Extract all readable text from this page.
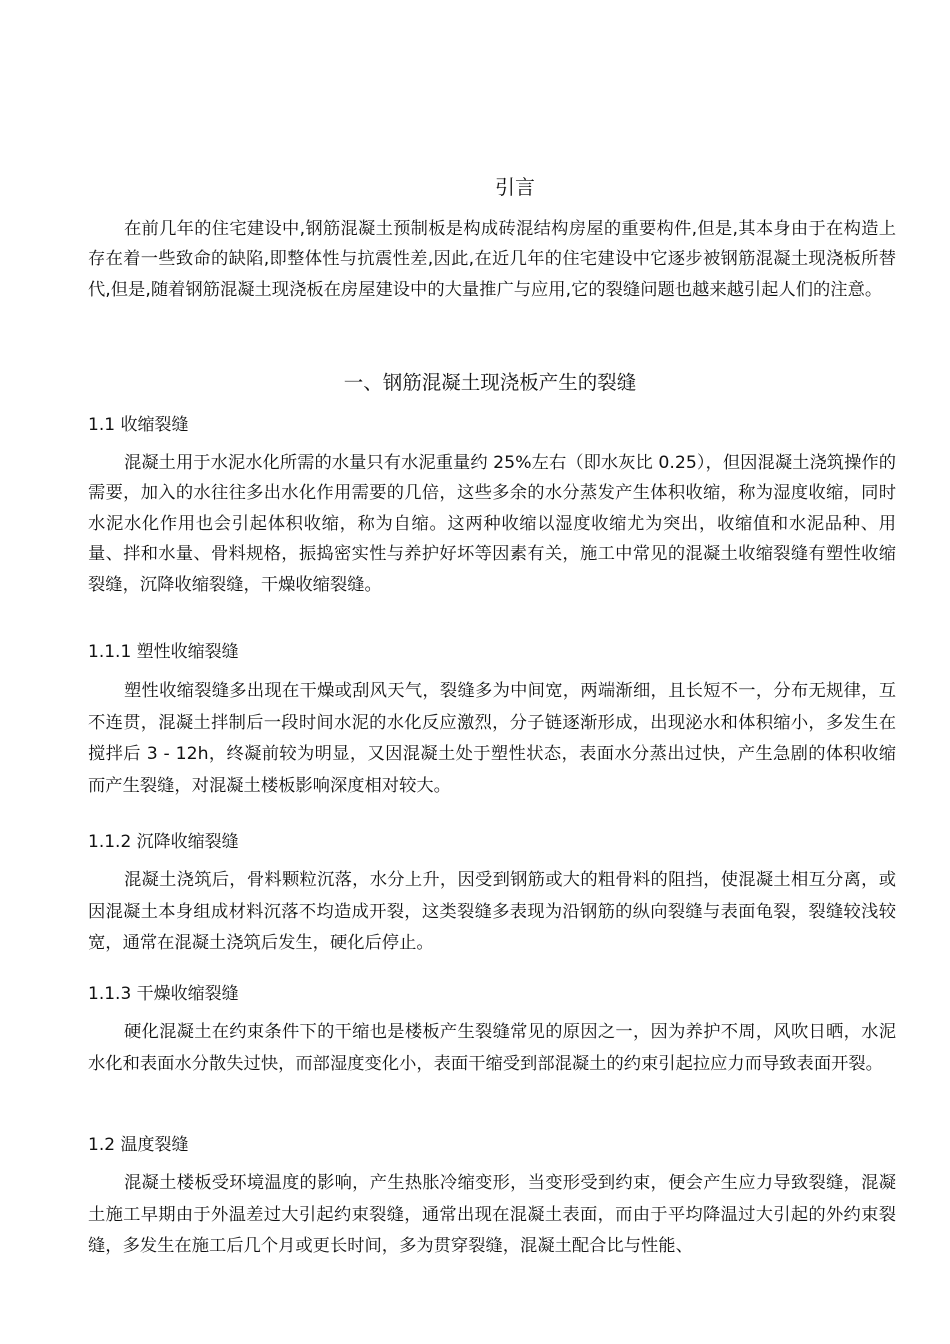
引言

在前几年的住宅建设中,钢筋混凝土预制板是构成砖混结构房屋的重要构件,但是,其本身由于在构造上存在着一些致命的缺陷,即整体性与抗震性差,因此,在近几年的住宅建设中它逐步被钢筋混凝土现浇板所替代,但是,随着钢筋混凝土现浇板在房屋建设中的大量推广与应用,它的裂缝问题也越来越引起人们的注意。

一、钢筋混凝土现浇板产生的裂缝
1.1 收缩裂缝

混凝土用于水泥水化所需的水量只有水泥重量约 25%左右（即水灰比 0.25），但因混凝土浇筑操作的需要，加入的水往往多出水化作用需要的几倍，这些多余的水分蒸发产生体积收缩，称为湿度收缩，同时水泥水化作用也会引起体积收缩，称为自缩。这两种收缩以湿度收缩尤为突出，收缩值和水泥品种、用量、拌和水量、骨料规格，振捣密实性与养护好坏等因素有关，施工中常见的混凝土收缩裂缝有塑性收缩裂缝，沉降收缩裂缝，干燥收缩裂缝。

1.1.1 塑性收缩裂缝

塑性收缩裂缝多出现在干燥或刮风天气，裂缝多为中间宽，两端渐细，且长短不一，分布无规律，互不连贯，混凝土拌制后一段时间水泥的水化反应激烈，分子链逐渐形成，出现泌水和体积缩小，多发生在搅拌后 3 - 12h，终凝前较为明显，又因混凝土处于塑性状态，表面水分蒸出过快，产生急剧的体积收缩而产生裂缝，对混凝土楼板影响深度相对较大。

1.1.2 沉降收缩裂缝

混凝土浇筑后，骨料颗粒沉落，水分上升，因受到钢筋或大的粗骨料的阻挡，使混凝土相互分离，或因混凝土本身组成材料沉落不均造成开裂，这类裂缝多表现为沿钢筋的纵向裂缝与表面龟裂，裂缝较浅较宽，通常在混凝土浇筑后发生，硬化后停止。

1.1.3 干燥收缩裂缝

硬化混凝土在约束条件下的干缩也是楼板产生裂缝常见的原因之一，因为养护不周，风吹日晒，水泥水化和表面水分散失过快，而部湿度变化小，表面干缩受到部混凝土的约束引起拉应力而导致表面开裂。

1.2 温度裂缝

混凝土楼板受环境温度的影响，产生热胀冷缩变形，当变形受到约束，便会产生应力导致裂缝，混凝土施工早期由于外温差过大引起约束裂缝，通常出现在混凝土表面，而由于平均降温过大引起的外约束裂缝，多发生在施工后几个月或更长时间，多为贯穿裂缝，混凝土配合比与性能、
